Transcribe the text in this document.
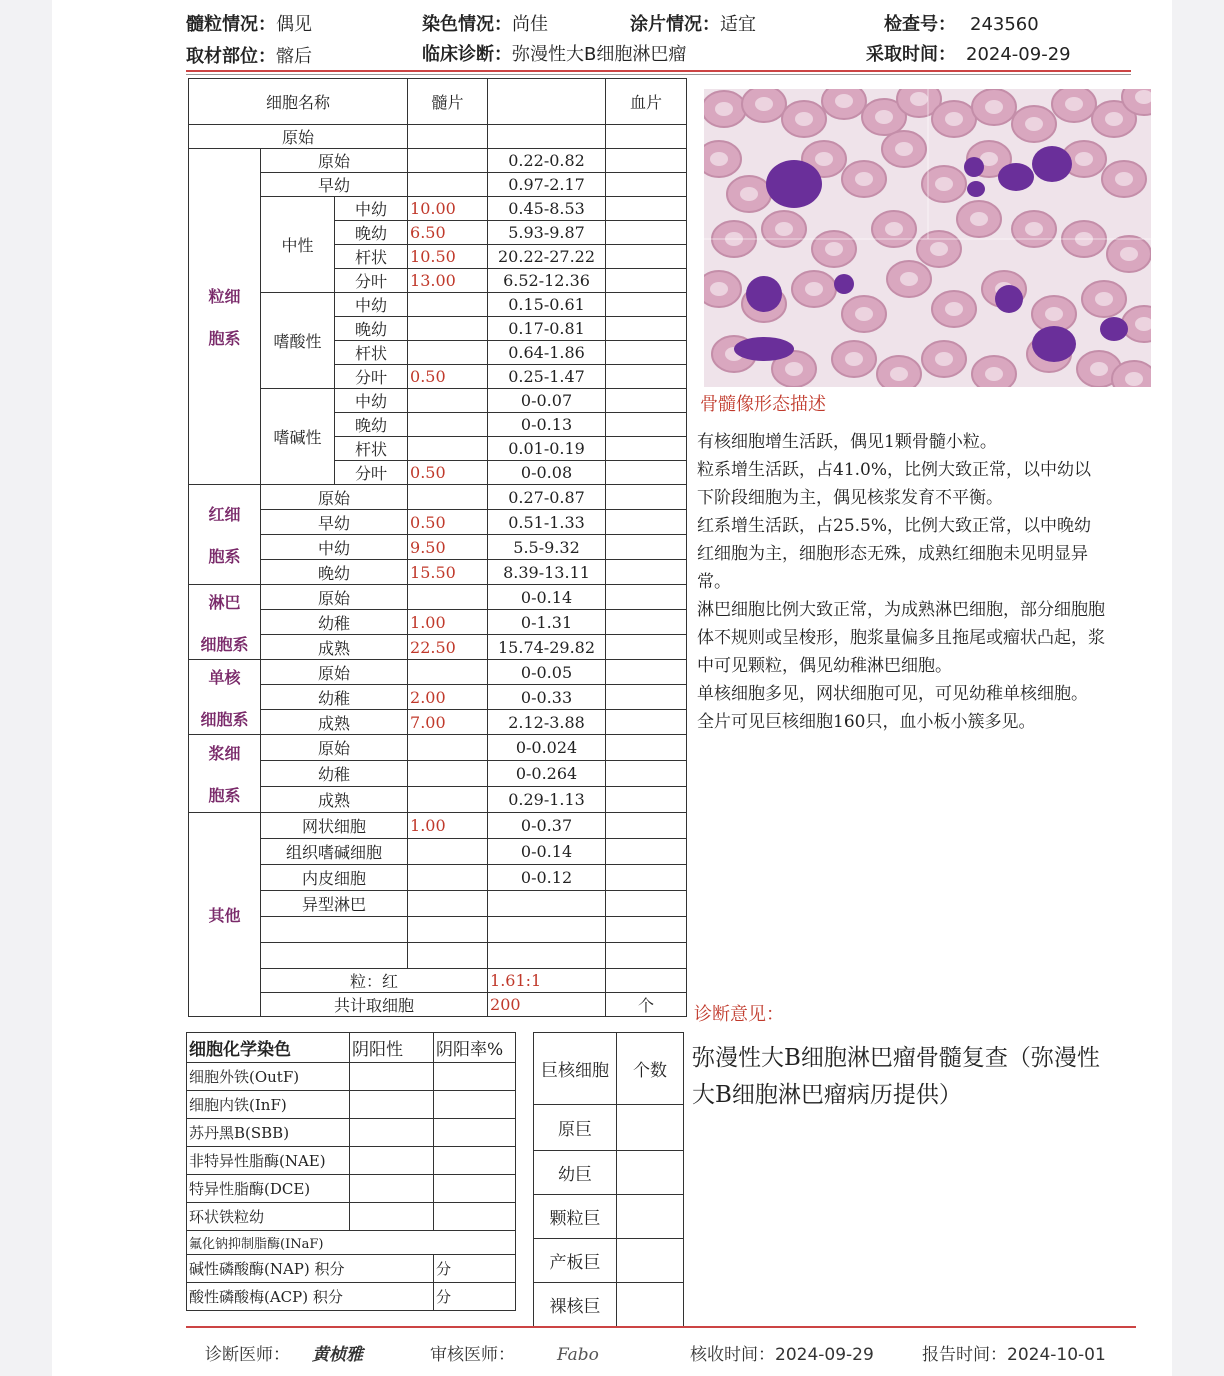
髓粒情况：偶见	染色情况：尚佳	涂片情况：适宜	检查号： 243560
取材部位：髂后	临床诊断：弥漫性大B细胞淋巴瘤	采取时间： 2024-09-29
细胞名称			髓片		血片	

原始						
粒细

胞系	原始			0.22-0.82		
	早幼			0.97-2.17		
	中性	中幼	10.00	0.45-8.53		
		晚幼	6.50	5.93-9.87		
		杆状	10.50	20.22-27.22		
		分叶	13.00	6.52-12.36		
	嗜酸性	中幼		0.15-0.61		
		晚幼		0.17-0.81		
		杆状		0.64-1.86		
		分叶	0.50	0.25-1.47		
	嗜碱性	中幼		0-0.07		
		晚幼		0-0.13		
		杆状		0.01-0.19		
		分叶	0.50	0-0.08		
红细

胞系	原始			0.27-0.87		
	早幼		0.50	0.51-1.33		
	中幼		9.50	5.5-9.32		
	晚幼		15.50	8.39-13.11		
淋巴

细胞系	原始			0-0.14		
	幼稚		1.00	0-1.31		
	成熟		22.50	15.74-29.82		
单核

细胞系	原始			0-0.05		
	幼稚		2.00	0-0.33		
	成熟		7.00	2.12-3.88		
浆细

胞系	原始			0-0.024		
	幼稚			0-0.264		
	成熟			0.29-1.13		
其他	网状细胞		1.00	0-0.37		
	组织嗜碱细胞			0-0.14		
	内皮细胞			0-0.12		
	异型淋巴					

	粒：红			1.61:1		
	共计取细胞			200	个	
骨髓像形态描述

有核细胞增生活跃，偶见1颗骨髓小粒。

粒系增生活跃，占41.0%，比例大致正常，以中幼以下阶段细胞为主，偶见核浆发育不平衡。

红系增生活跃，占25.5%，比例大致正常，以中晚幼红细胞为主，细胞形态无殊，成熟红细胞未见明显异常。

淋巴细胞比例大致正常，为成熟淋巴细胞，部分细胞胞体不规则或呈梭形，胞浆量偏多且拖尾或瘤状凸起，浆中可见颗粒，偶见幼稚淋巴细胞。

单核细胞多见，网状细胞可见，可见幼稚单核细胞。

全片可见巨核细胞160只，血小板小簇多见。

诊断意见：
弥漫性大B细胞淋巴瘤骨髓复查（弥漫性大B细胞淋巴瘤病历提供）
细胞化学染色	阴阳性	阴阳率%
细胞外铁(OutF)		
细胞内铁(InF)		
苏丹黑B(SBB)		
非特异性脂酶(NAE)		
特异性脂酶(DCE)		
环状铁粒幼		
氟化钠抑制脂酶(INaF)		
碱性磷酸酶(NAP) 积分		分
酸性磷酸梅(ACP) 积分		分
巨核细胞	个数
原巨	
幼巨	
颗粒巨	
产板巨	
裸核巨	
诊断医师： 黄桢雅	审核医师： Fabo	核收时间：2024-09-29	报告时间：2024-10-01
